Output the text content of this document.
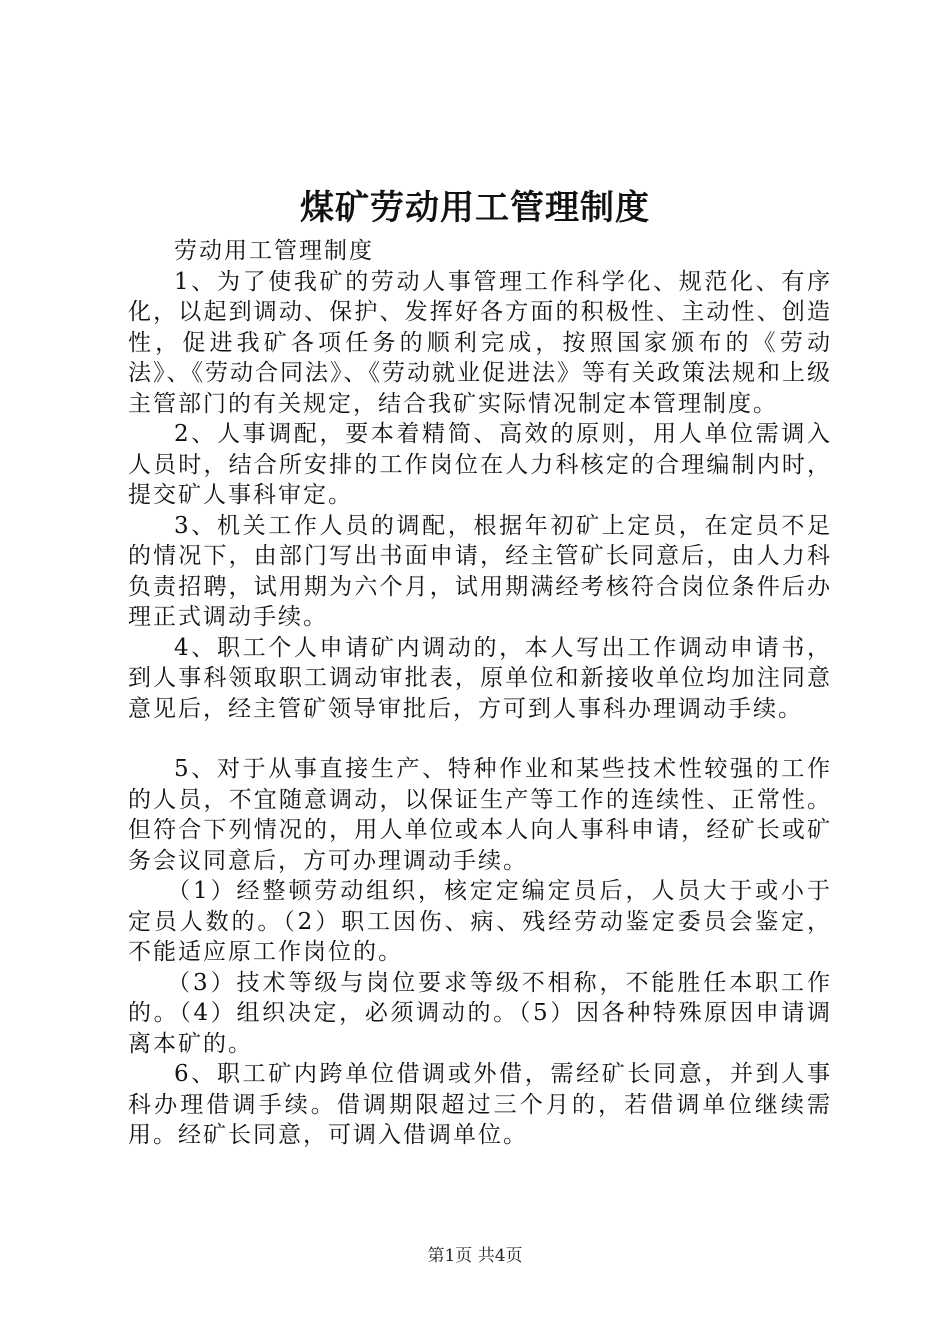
煤矿劳动用工管理制度

劳动用工管理制度

1、为了使我矿的劳动人事管理工作科学化、规范化、有序化，以起到调动、保护、发挥好各方面的积极性、主动性、创造性，促进我矿各项任务的顺利完成，按照国家颁布的《劳动法》、《劳动合同法》、《劳动就业促进法》等有关政策法规和上级主管部门的有关规定，结合我矿实际情况制定本管理制度。

2、人事调配，要本着精简、高效的原则，用人单位需调入人员时，结合所安排的工作岗位在人力科核定的合理编制内时，提交矿人事科审定。

3、机关工作人员的调配，根据年初矿上定员，在定员不足的情况下，由部门写出书面申请，经主管矿长同意后，由人力科负责招聘，试用期为六个月，试用期满经考核符合岗位条件后办理正式调动手续。

4、职工个人申请矿内调动的，本人写出工作调动申请书，到人事科领取职工调动审批表，原单位和新接收单位均加注同意意见后，经主管矿领导审批后，方可到人事科办理调动手续。

5、对于从事直接生产、特种作业和某些技术性较强的工作的人员，不宜随意调动，以保证生产等工作的连续性、正常性。但符合下列情况的，用人单位或本人向人事科申请，经矿长或矿务会议同意后，方可办理调动手续。

（1）经整顿劳动组织，核定定编定员后，人员大于或小于定员人数的。（2）职工因伤、病、残经劳动鉴定委员会鉴定，不能适应原工作岗位的。

（3）技术等级与岗位要求等级不相称，不能胜任本职工作的。（4）组织决定，必须调动的。（5）因各种特殊原因申请调离本矿的。

6、职工矿内跨单位借调或外借，需经矿长同意，并到人事科办理借调手续。借调期限超过三个月的，若借调单位继续需用。经矿长同意，可调入借调单位。

第1页 共4页
